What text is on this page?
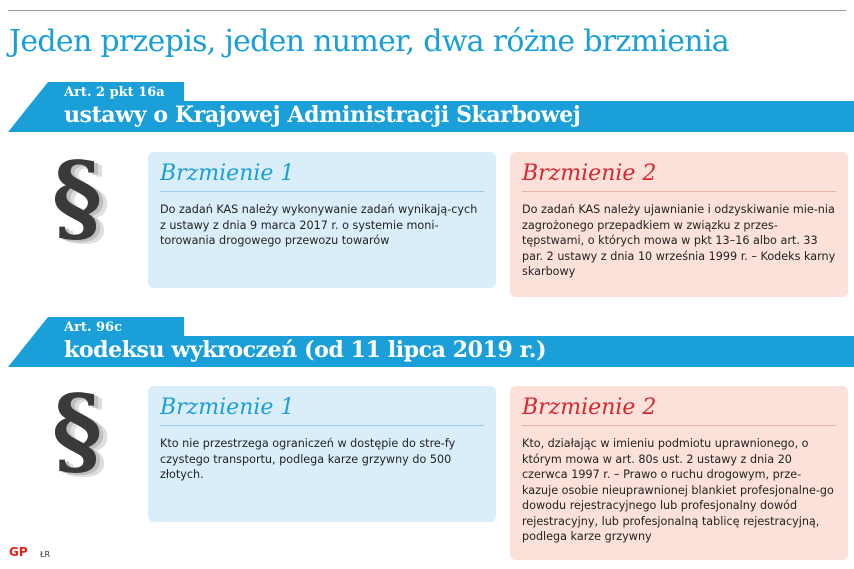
Jeden przepis, jeden numer, dwa różne brzmienia
Art. 2 pkt 16a
ustawy o Krajowej Administracji Skarbowej
§	Brzmienie 1

Do zadań KAS należy wykonywanie zadań wynikają-cych z ustawy z dnia 9 marca 2017 r. o systemie moni-torowania drogowego przewozu towarów

Brzmienie 2

Do zadań KAS należy ujawnianie i odzyskiwanie mie-nia zagrożonego przepadkiem w związku z przes-tępstwami, o których mowa w pkt 13–16 albo art. 33 par. 2 ustawy z dnia 10 września 1999 r. – Kodeks karny skarbowy

Art. 96c
kodeksu wykroczeń (od 11 lipca 2019 r.)
§	Brzmienie 1

Kto nie przestrzega ograniczeń w dostępie do stre-fy czystego transportu, podlega karze grzywny do 500 złotych.

Brzmienie 2

Kto, działając w imieniu podmiotu uprawnionego, o którym mowa w art. 80s ust. 2 ustawy z dnia 20 czerwca 1997 r. – Prawo o ruchu drogowym, prze-kazuje osobie nieuprawnionej blankiet profesjonalne-go dowodu rejestracyjnego lub profesjonalny dowód rejestracyjny, lub profesjonalną tablicę rejestracyjną, podlega karze grzywny

GP ŁR
